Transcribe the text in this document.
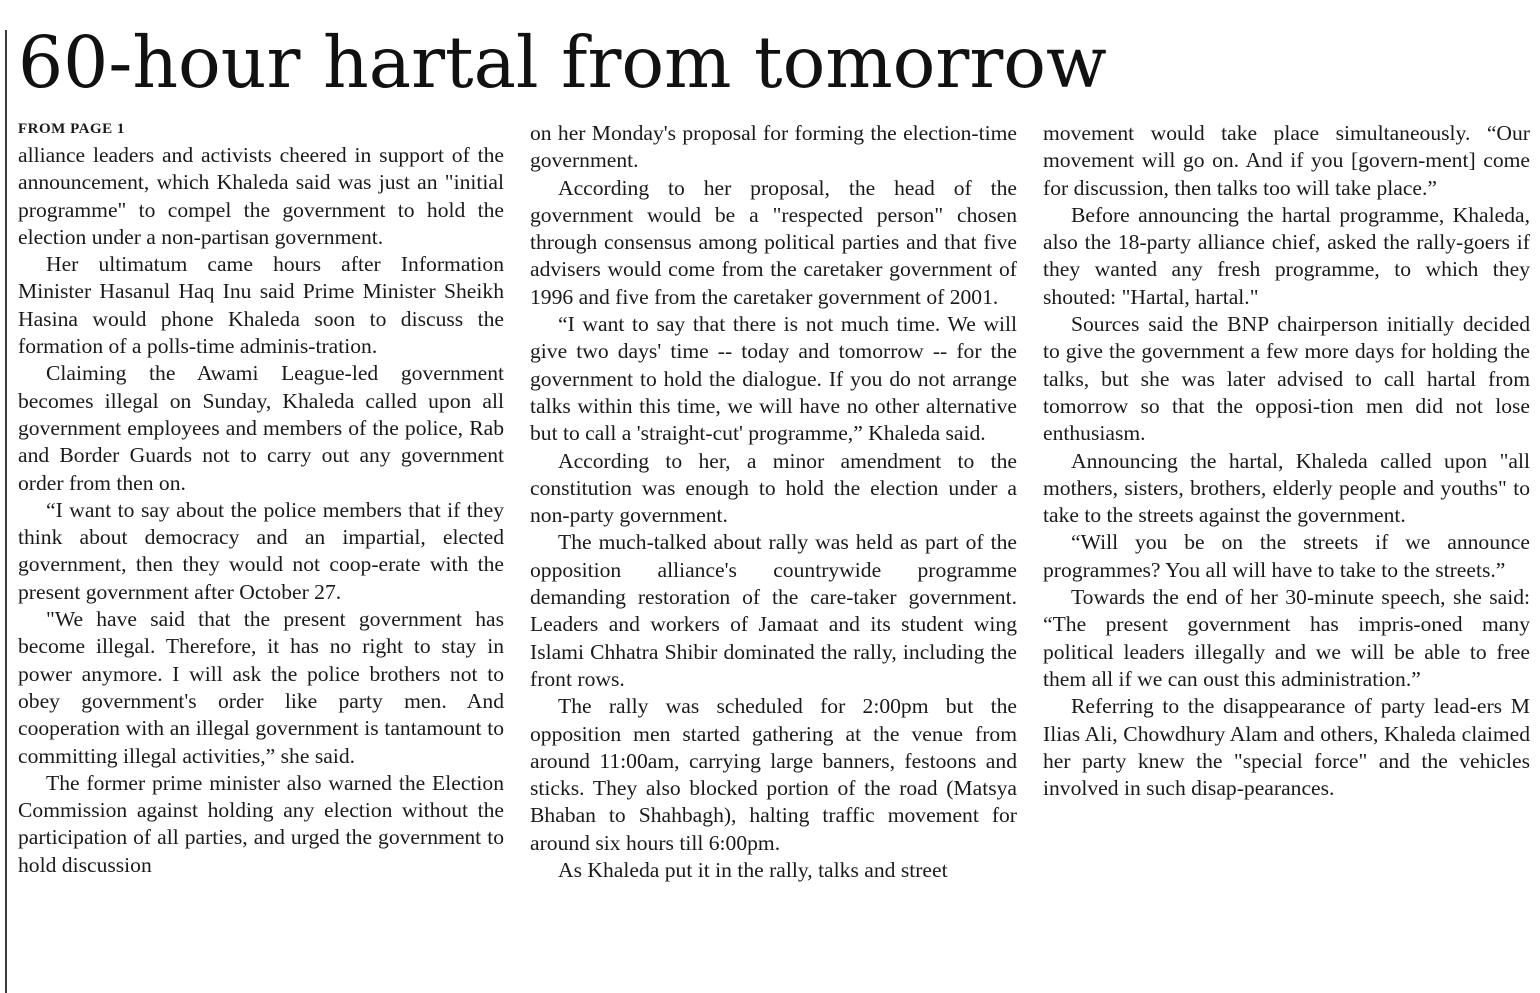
60-hour hartal from tomorrow
FROM PAGE 1

alliance leaders and activists cheered in support of the announcement, which Khaleda said was just an "initial programme" to compel the government to hold the election under a non-partisan government.

Her ultimatum came hours after Information Minister Hasanul Haq Inu said Prime Minister Sheikh Hasina would phone Khaleda soon to discuss the formation of a polls-time adminis-tration.

Claiming the Awami League-led government becomes illegal on Sunday, Khaleda called upon all government employees and members of the police, Rab and Border Guards not to carry out any government order from then on.

“I want to say about the police members that if they think about democracy and an impartial, elected government, then they would not coop-erate with the present government after October 27.

"We have said that the present government has become illegal. Therefore, it has no right to stay in power anymore. I will ask the police brothers not to obey government's order like party men. And cooperation with an illegal government is tantamount to committing illegal activities,” she said.

The former prime minister also warned the Election Commission against holding any election without the participation of all parties, and urged the government to hold discussion

on her Monday's proposal for forming the election-time government.

According to her proposal, the head of the government would be a "respected person" chosen through consensus among political parties and that five advisers would come from the caretaker government of 1996 and five from the caretaker government of 2001.

“I want to say that there is not much time. We will give two days' time -- today and tomorrow -- for the government to hold the dialogue. If you do not arrange talks within this time, we will have no other alternative but to call a 'straight-cut' programme,” Khaleda said.

According to her, a minor amendment to the constitution was enough to hold the election under a non-party government.

The much-talked about rally was held as part of the opposition alliance's countrywide programme demanding restoration of the care-taker government. Leaders and workers of Jamaat and its student wing Islami Chhatra Shibir dominated the rally, including the front rows.

The rally was scheduled for 2:00pm but the opposition men started gathering at the venue from around 11:00am, carrying large banners, festoons and sticks. They also blocked portion of the road (Matsya Bhaban to Shahbagh), halting traffic movement for around six hours till 6:00pm.

As Khaleda put it in the rally, talks and street

movement would take place simultaneously. “Our movement will go on. And if you [govern-ment] come for discussion, then talks too will take place.”

Before announcing the hartal programme, Khaleda, also the 18-party alliance chief, asked the rally-goers if they wanted any fresh programme, to which they shouted: "Hartal, hartal."

Sources said the BNP chairperson initially decided to give the government a few more days for holding the talks, but she was later advised to call hartal from tomorrow so that the opposi-tion men did not lose enthusiasm.

Announcing the hartal, Khaleda called upon "all mothers, sisters, brothers, elderly people and youths" to take to the streets against the government.

“Will you be on the streets if we announce programmes? You all will have to take to the streets.”

Towards the end of her 30-minute speech, she said: “The present government has impris-oned many political leaders illegally and we will be able to free them all if we can oust this administration.”

Referring to the disappearance of party lead-ers M Ilias Ali, Chowdhury Alam and others, Khaleda claimed her party knew the "special force" and the vehicles involved in such disap-pearances.
